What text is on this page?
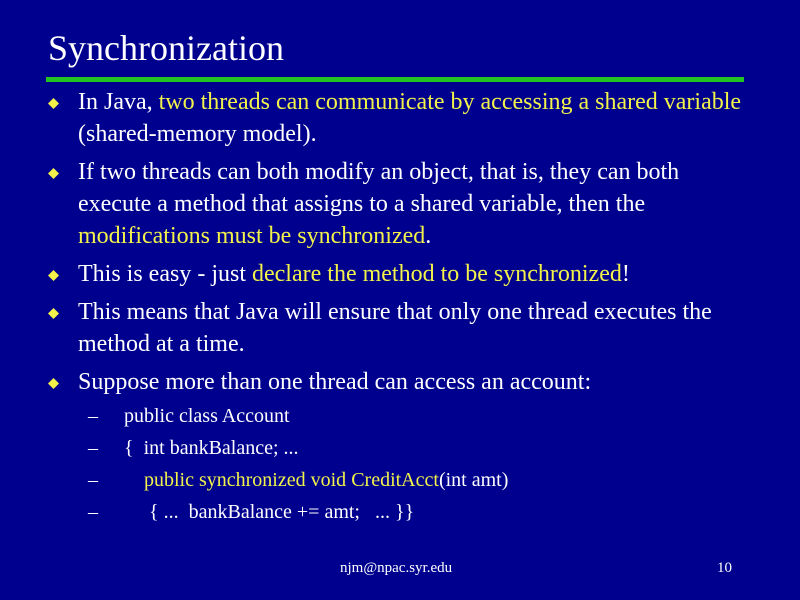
Synchronization
In Java, two threads can communicate by accessing a shared variable (shared-memory model).
If two threads can both modify an object, that is, they can both execute a method that assigns to a shared variable, then the modifications must be synchronized.
This is easy - just declare the method to be synchronized!
This means that Java will ensure that only one thread executes the method at a time.
Suppose more than one thread can access an account:
– public class Account
– {  int bankBalance; ...
– public synchronized void CreditAcct(int amt)
– { ...  bankBalance += amt;   ... }}
njm@npac.syr.edu	10
